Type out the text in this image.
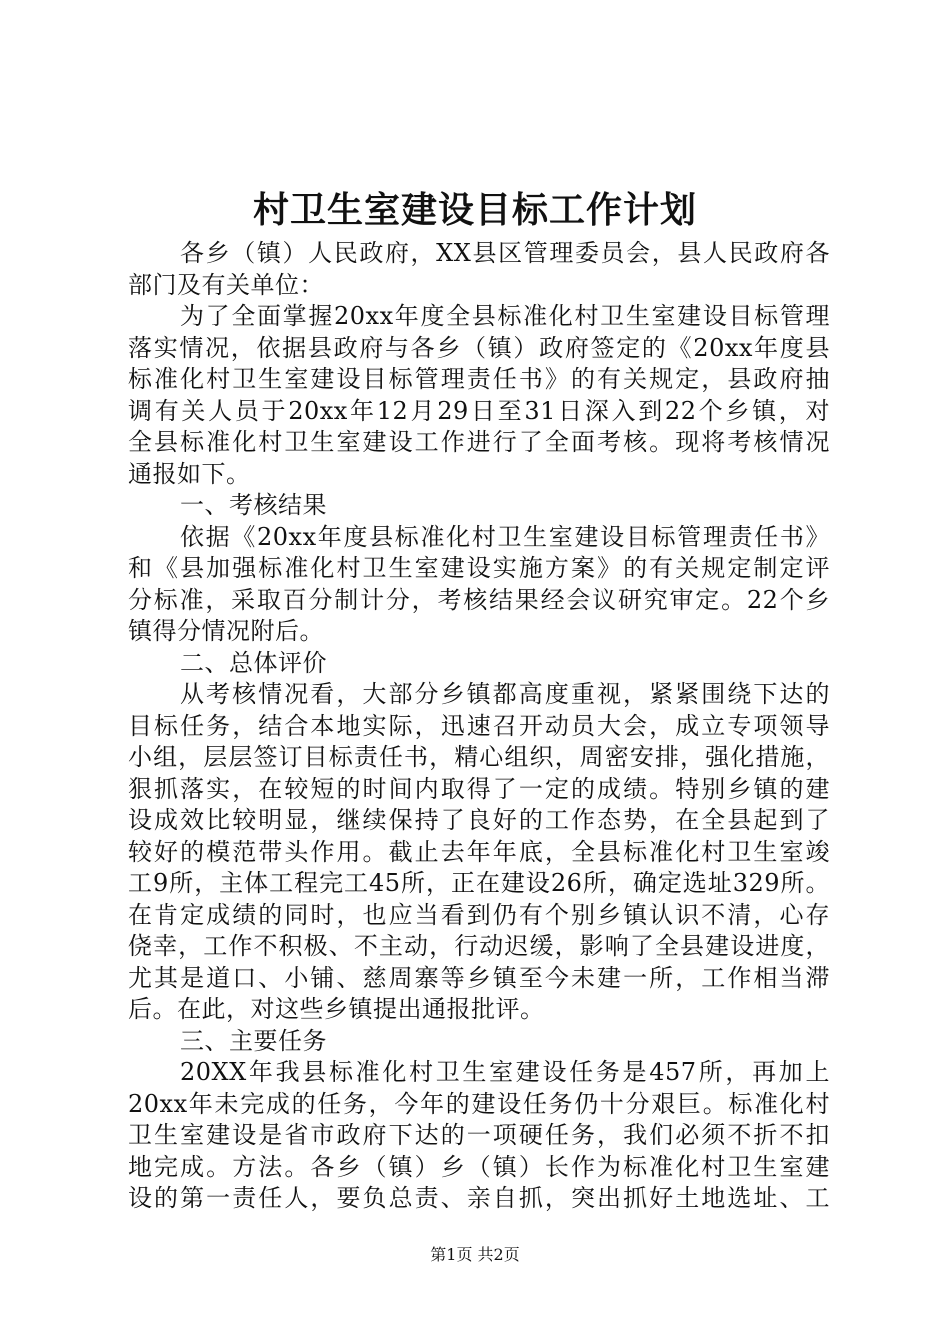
村卫生室建设目标工作计划
各乡（镇）人民政府，XX县区管理委员会，县人民政府各
部门及有关单位：
为了全面掌握20xx年度全县标准化村卫生室建设目标管理
落实情况，依据县政府与各乡（镇）政府签定的《20xx年度县
标准化村卫生室建设目标管理责任书》的有关规定，县政府抽
调有关人员于20xx年12月29日至31日深入到22个乡镇，对
全县标准化村卫生室建设工作进行了全面考核。现将考核情况
通报如下。
一、考核结果
依据《20xx年度县标准化村卫生室建设目标管理责任书》
和《县加强标准化村卫生室建设实施方案》的有关规定制定评
分标准，采取百分制计分，考核结果经会议研究审定。22个乡
镇得分情况附后。
二、总体评价
从考核情况看，大部分乡镇都高度重视，紧紧围绕下达的
目标任务，结合本地实际，迅速召开动员大会，成立专项领导
小组，层层签订目标责任书，精心组织，周密安排，强化措施，
狠抓落实，在较短的时间内取得了一定的成绩。特别乡镇的建
设成效比较明显，继续保持了良好的工作态势，在全县起到了
较好的模范带头作用。截止去年年底，全县标准化村卫生室竣
工9所，主体工程完工45所，正在建设26所，确定选址329所。
在肯定成绩的同时，也应当看到仍有个别乡镇认识不清，心存
侥幸，工作不积极、不主动，行动迟缓，影响了全县建设进度，
尤其是道口、小铺、慈周寨等乡镇至今未建一所，工作相当滞
后。在此，对这些乡镇提出通报批评。
三、主要任务
20XX年我县标准化村卫生室建设任务是457所，再加上
20xx年未完成的任务，今年的建设任务仍十分艰巨。标准化村
卫生室建设是省市政府下达的一项硬任务，我们必须不折不扣
地完成。方法。各乡（镇）乡（镇）长作为标准化村卫生室建
设的第一责任人，要负总责、亲自抓，突出抓好土地选址、工
第1页 共2页
